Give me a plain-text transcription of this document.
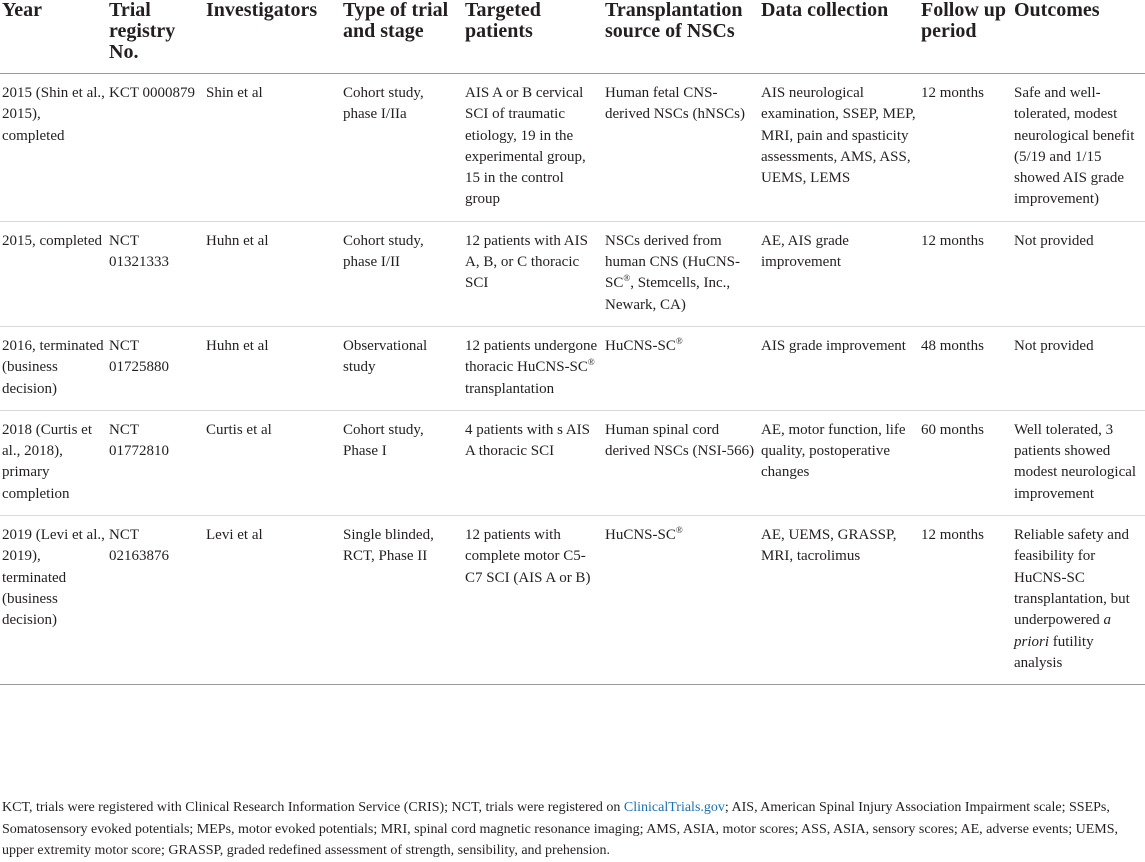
Year	Trial registry No.	Investigators	Type of trial and stage	Targeted patients	Transplantation source of NSCs	Data collection	Follow up period	Outcomes
2015 (Shin et al., 2015), completed	KCT 0000879	Shin et al	Cohort study, phase I/IIa	AIS A or B cervical SCI of traumatic etiology, 19 in the experimental group, 15 in the control group	Human fetal CNS-derived NSCs (hNSCs)	AIS neurological examination, SSEP, MEP, MRI, pain and spasticity assessments, AMS, ASS, UEMS, LEMS	12 months	Safe and well-tolerated, modest neurological benefit (5/19 and 1/15 showed AIS grade improvement)
2015, completed	NCT 01321333	Huhn et al	Cohort study, phase I/II	12 patients with AIS A, B, or C thoracic SCI	NSCs derived from human CNS (HuCNS-SC®, Stemcells, Inc., Newark, CA)	AE, AIS grade improvement	12 months	Not provided
2016, terminated (business decision)	NCT 01725880	Huhn et al	Observational study	12 patients undergone thoracic HuCNS-SC® transplantation	HuCNS-SC®	AIS grade improvement	48 months	Not provided
2018 (Curtis et al., 2018), primary completion	NCT 01772810	Curtis et al	Cohort study, Phase I	4 patients with s AIS A thoracic SCI	Human spinal cord derived NSCs (NSI-566)	AE, motor function, life quality, postoperative changes	60 months	Well tolerated, 3 patients showed modest neurological improvement
2019 (Levi et al., 2019), terminated (business decision)	NCT 02163876	Levi et al	Single blinded, RCT, Phase II	12 patients with complete motor C5-C7 SCI (AIS A or B)	HuCNS-SC®	AE, UEMS, GRASSP, MRI, tacrolimus	12 months	Reliable safety and feasibility for HuCNS-SC transplantation, but underpowered a priori futility analysis
KCT, trials were registered with Clinical Research Information Service (CRIS); NCT, trials were registered on ClinicalTrials.gov; AIS, American Spinal Injury Association Impairment scale; SSEPs, Somatosensory evoked potentials; MEPs, motor evoked potentials; MRI, spinal cord magnetic resonance imaging; AMS, ASIA, motor scores; ASS, ASIA, sensory scores; AE, adverse events; UEMS, upper extremity motor score; GRASSP, graded redefined assessment of strength, sensibility, and prehension.
